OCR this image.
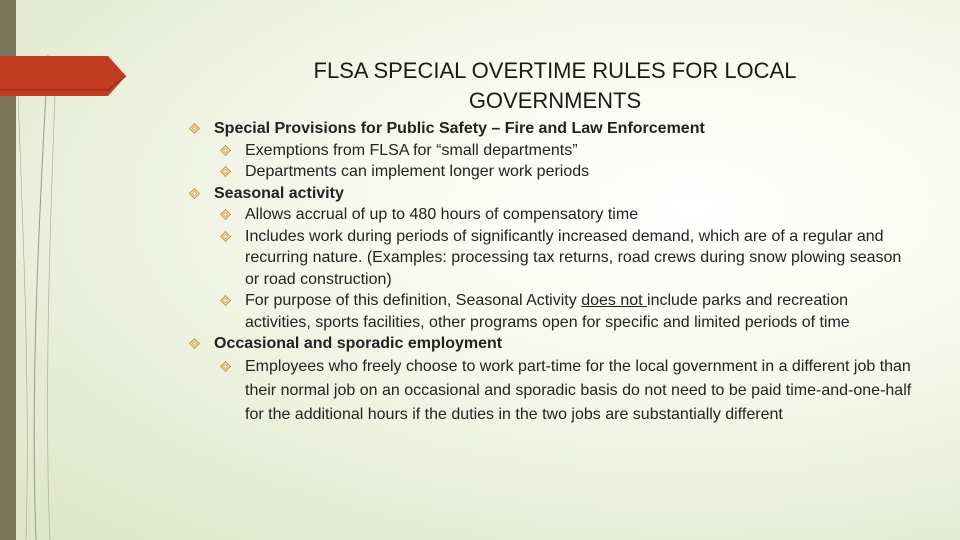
FLSA SPECIAL OVERTIME RULES FOR LOCAL GOVERNMENTS
Special Provisions for Public Safety – Fire and Law Enforcement
Exemptions from FLSA for “small departments”
Departments can implement longer work periods
Seasonal activity
Allows accrual of up to 480 hours of compensatory time
Includes work during periods of significantly increased demand, which are of a regular and recurring nature. (Examples: processing tax returns, road crews during snow plowing season or road construction)
For purpose of this definition, Seasonal Activity does not include parks and recreation activities, sports facilities, other programs open for specific and limited periods of time
Occasional and sporadic employment
Employees who freely choose to work part-time for the local government in a different job than their normal job on an occasional and sporadic basis do not need to be paid time-and-one-half for the additional hours if the duties in the two jobs are substantially different
